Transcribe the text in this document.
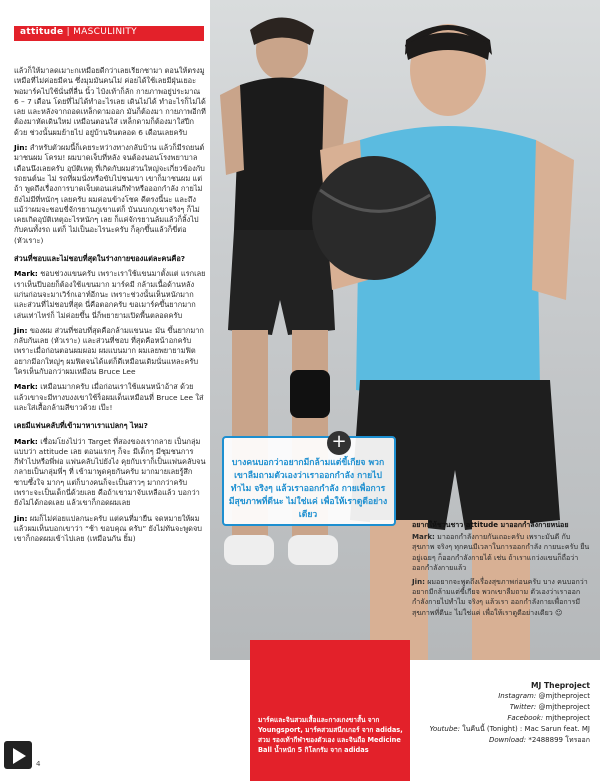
attitude | MASCULINITY

แล้วก็ให้มาลดเมาะกเหมือยดีกว่าเลยเรียกชามา ตอนให้ตรงมูเหมือที่ไม่ค่อยมีคน ซึ่งมุมมันคนไม่ ค่อยได้ใช้เลยมีฝุ่นเยอะ พอมาร์คไปใช้นั่นที่ลื่น นิ้ว ไป๋งเท้าก็ลัก กายภาพอยู่ประมาณ 6 – 7 เดือน โดยที่ไม่ได้ทำอะไรเลย เดินไม่ได้ ทำอะไรก็ไม่ได้ เลย และหลังจากถอดเหล็กดามออก มันก็ต้องมา กายภาพอีกที ต้องมาหัดเดินใหม่ เหมือนตอนใส่ เหล็กดามก็ต้องมาใส่ปีกด้วย ช่วงนั้นผมย้ายไป อยู่บ้านจินตลอด 6 เดือนเลยครับ

Jin: สำหรับตัวผมนี้ก็เคยระหว่างทางกลับบ้าน แล้วก็มีรถยนต์มาชนผม โครม! ผมบาดเจ็บที่หลัง จนต้องนอนโรงพยาบาลเดือนนึงเลยครับ อุบัติเหตุ ที่เกิดกับผมส่วนใหญ่จะเกี่ยวข้องกับรถยนต์นะ ไม่ รถที่ผมนั่งหรือขับไปชนเขา เขาก็มาชนผม แต่ถ้า พูดถึงเรื่องการบาดเจ็บตอนเล่นกีฬาหรือออกกำลัง กายไม่ยังไม่มีที่หนักๆ เลยครับ ผมค่อนข้างโชค ดีตรงนี้นะ และถึงแม้ว่าผมจะชอบขี่จักรยานภูเขาแต่ก็ บันนบกภูเขาจริงๆ ก็ไม่เคยเกิดอุบัติเหตุอะไรหนักๆ เลย ก็แค่จักรยานล้มแล้วก็ลิ้งไปกับคนทั้งรถ แต่ก็ ไม่เป็นอะไรนะครับ ก็ลุกขึ้นแล้วก็ขี่ต่อ (หัวเราะ)

ส่วนที่ชอบและไม่ชอบที่สุดในร่างกายของแต่ละคนคือ?

Mark: ชอบช่วงแขนครับ เพราะเราใช้แขนมาตั้งแต่ แรกเลย เราเห็นปีบอยก็ต้องใช้แขนมาก มาร์คมี กล้ามเนื้อด้านหลังแก่นก่อนจะมาเวิร์กเอาท์อีกนะ เพราะช่วงนั้นเห็นหนักมาก และส่วนที่ไม่ชอบที่สุด นี่คือตอกครับ ขอเมาร์คขึ้นยากมาก เล่นเท่าไหร่ก็ ไม่ค่อยขึ้น นี่ก็พยายามเปิดพื้นตลอดครับ

Jin: ของผม ส่วนที่ชอบที่สุดคือกล้ามแขนนะ มัน ขึ้นยากมาก กลับกันเลย (หัวเราะ) และส่วนที่ชอบ ที่สุดคือหน้าอกครับ เพราะเมื่อก่อนตอนผมผอม ผมแบนมาก ผมเลยพยายามฟิต อยากมีอกใหญ่ๆ ผมฟิตจนได้แต่ก็ดีเหมือนเดิมนั่นแหละครับ ใครเห็นกับอกว่าผมเหมือน Bruce Lee

Mark: เหมือนมากครับ เมื่อก่อนเราใช้แผนหน้าอ้าส ด้วย แล้วเขาจะมีทางบงงเขาใช้ร็อผมเด็นเหมือนที่ Bruce Lee ใส่ และใส่เสื้อกล้ามสีขาวด้วย เป๊ะ!

เคยมีแฟนคลับที่เข้ามาหาเราแปลกๆ ไหม?

Mark: เชื่อมโยงไปว่า Target ที่สองของเรากลาย เป็นกลุ่มแบบว่า attitude เลย ตอนแรกๆ ก็จะ มีเด็กๆ มีชุมชนการกีฬาไปหรือพี่พ่อ แฟนคลับไปยังไง คุยกับเราก็เป็นแฟนคลับจนกลายเป็นกลุ่มพี่ๆ ที่ เข้ามาพูดคุยกันครับ มากมายเลยรู้สึกซาบซึ้งใจ มากๆ แต่ก็บางคนก็จะเป็นสาวๆ มากกว่าครับ เพราะจะเป็นเด็กนี่ด้วยเลย คือถ้าเขามาจับเหลือแล้ว บอกว่ายังไม่ได้กอดเลย แล้วเขาก็กอดผมเลย

Jin: ผมก็ไม่ค่อยแปลกนะครับ แต่คนที่มายืน จดหมายให้ผม แล้วผมเห็นบอกเขาว่า “ช้า ขอบคุณ ครับ” ยังไม่ทันจะพูดจบเขาก็กอดผมเข้าไปเลย (เหมือนกัน ยิ้ม)

+
บางคนบอกว่าอยากมีกล้ามแต่ขี้เกียจ พวกเขาลืมถามตัวเองว่าเราออกกำลัง กายไปทำไม จริงๆ แล้วเราออกกำลัง กายเพื่อการมีสุขภาพที่ดีนะ ไม่ใช่แค่ เพื่อให้เราดูดีอย่างเดียว
มาร์คและจินสวมเสื้อและกางเกงขาสั้น จาก Youngsport, มาร์คสวมสนีกเกอร์ จาก adidas, สวม รองเท้ากีฬาของตัวเอง และจินถือ Medicine Ball น้ำหนัก 5 กิโลกรัม จาก adidas

อยากให้ชวนชาว attitude มาออกกำลังกายหน่อย

Mark: มาออกกำลังกายกันเถอะครับ เพราะมันดี กับสุขภาพ จริงๆ ทุกคนมีเวลาในการออกกำลัง กายนะครับ ยืนอยู่เฉยๆ ก็ออกกำลังกายได้ เช่น ถ้าเราแกว่งแขนก็ถือว่าออกกำลังกายแล้ว

Jin: ผมอยากจะพูดถึงเรื่องสุขภาพก่อนครับ บาง คนบอกว่าอยากมีกล้ามแต่ขี้เกียจ พวกเขาลืมถาม ตัวเองว่าเราออกกำลังกายไปทำไม จริงๆ แล้วเรา ออกกำลังกายเพื่อการมีสุขภาพที่ดีนะ ไม่ใช่แค่ เพื่อให้เราดูดีอย่างเดียว ☺

MJ Theproject
Instagram: @mjtheproject
Twitter: @mjtheproject
Facebook: mjtheproject
Youtube: ในคืนนี้ (Tonight) : Mac Sarun feat. MJ
Download: *2488899 โทรออก
4
